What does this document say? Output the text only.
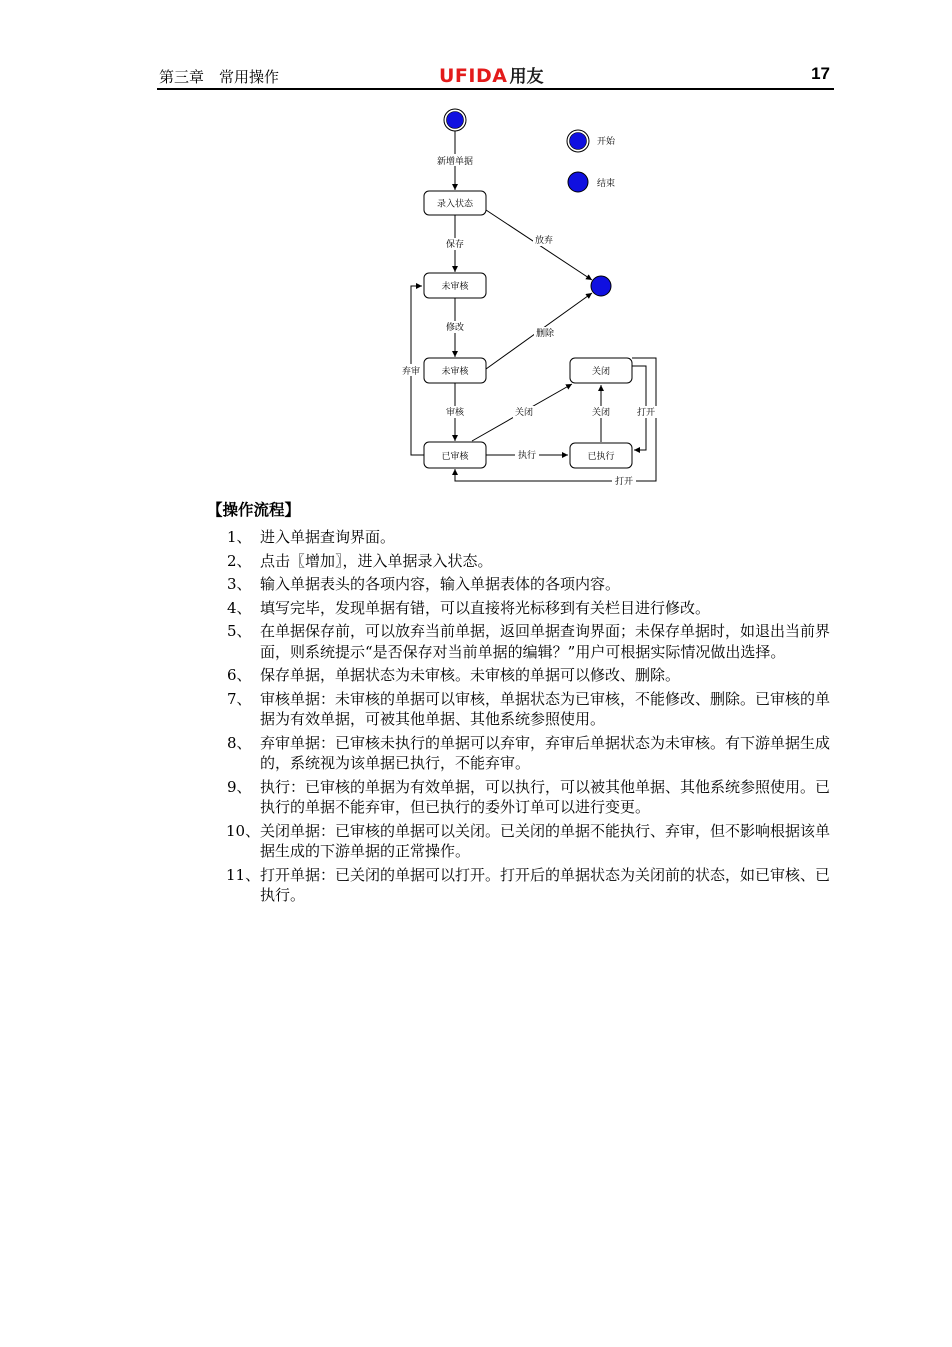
第三章　常用操作	UFIDA 用友	17
开始
结束
录入状态
未审核
未审核
已审核
关闭
已执行
新增单据
保存	放弃
修改
删除
弃审
审核	关闭	关闭	打开
执行
打开
【操作流程】
1、 进入单据查询界面。
2、 点击〖增加〗，进入单据录入状态。
3、 输入单据表头的各项内容，输入单据表体的各项内容。
4、 填写完毕，发现单据有错，可以直接将光标移到有关栏目进行修改。
5、 在单据保存前，可以放弃当前单据，返回单据查询界面；未保存单据时，如退出当前界面，则系统提示“是否保存对当前单据的编辑？”用户可根据实际情况做出选择。
6、 保存单据，单据状态为未审核。未审核的单据可以修改、删除。
7、 审核单据：未审核的单据可以审核，单据状态为已审核，不能修改、删除。已审核的单据为有效单据，可被其他单据、其他系统参照使用。
8、 弃审单据：已审核未执行的单据可以弃审，弃审后单据状态为未审核。有下游单据生成的，系统视为该单据已执行，不能弃审。
9、 执行：已审核的单据为有效单据，可以执行，可以被其他单据、其他系统参照使用。已执行的单据不能弃审，但已执行的委外订单可以进行变更。
10、 关闭单据：已审核的单据可以关闭。已关闭的单据不能执行、弃审，但不影响根据该单据生成的下游单据的正常操作。
11、 打开单据：已关闭的单据可以打开。打开后的单据状态为关闭前的状态，如已审核、已执行。
